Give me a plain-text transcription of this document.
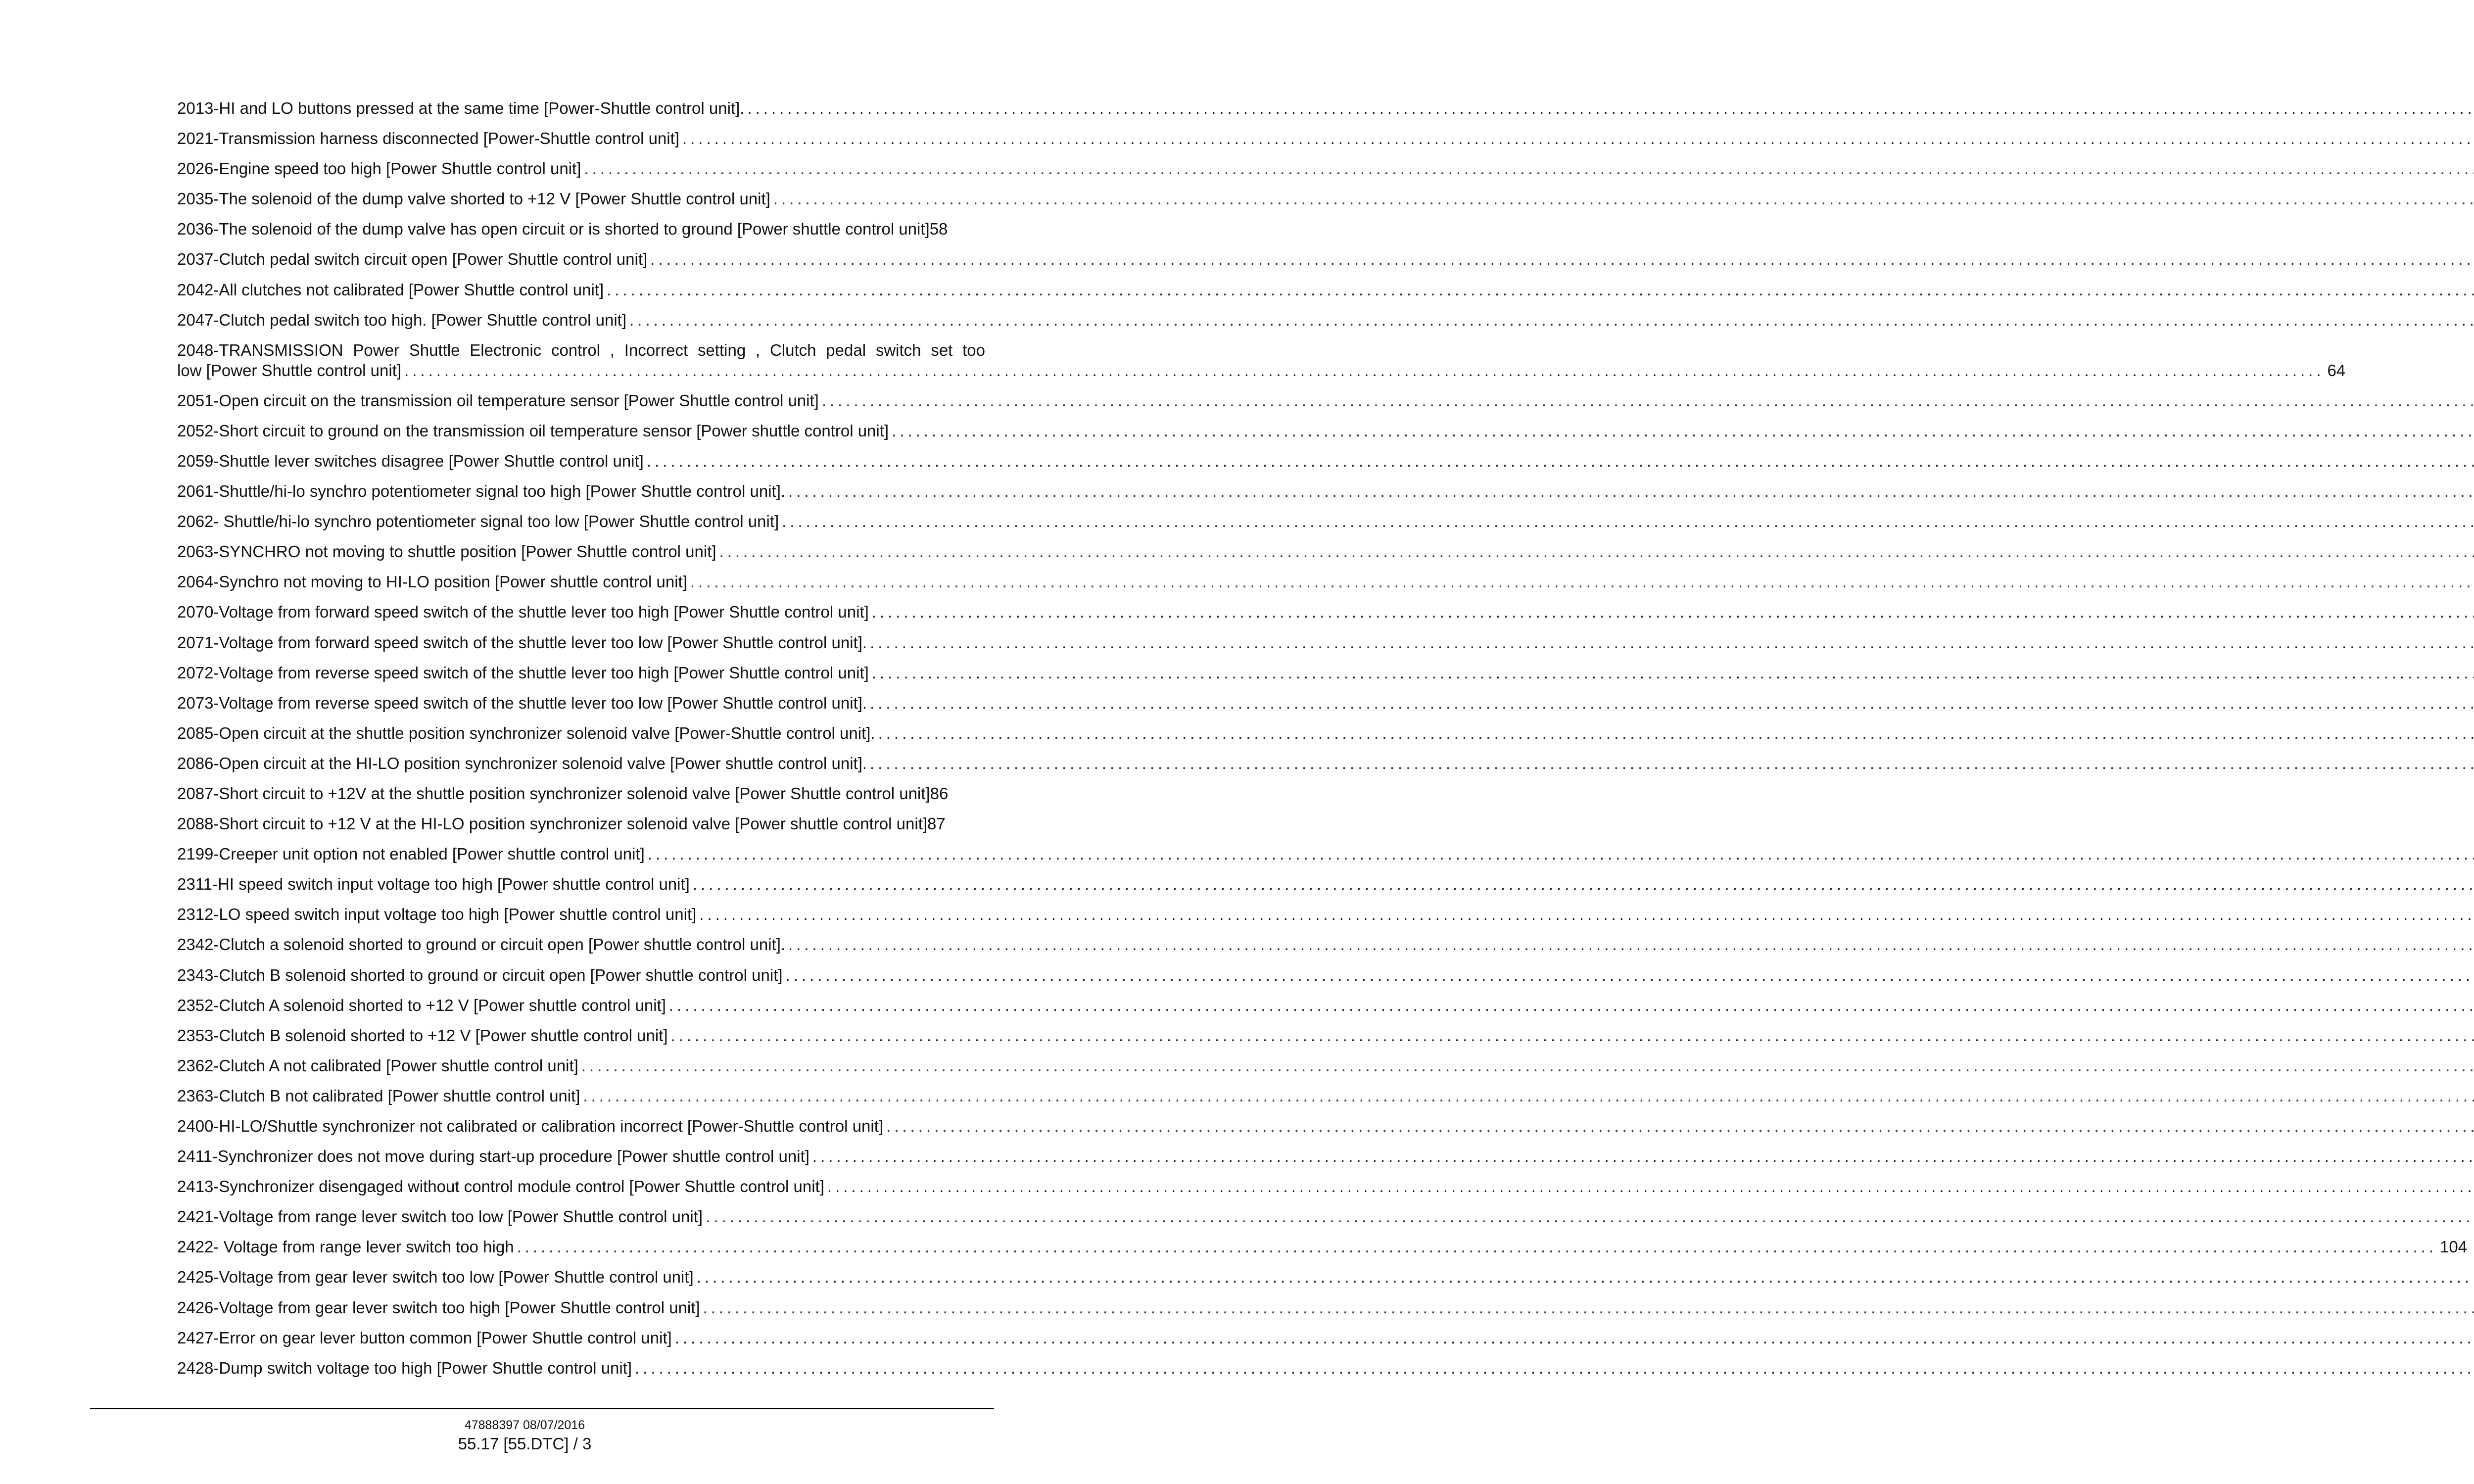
2013-HI and LO buttons pressed at the same time [Power-Shuttle control unit].
.....
2021-Transmission harness disconnected [Power-Shuttle control unit]
.....
2026-Engine speed too high [Power Shuttle control unit]
.....
2035-The solenoid of the dump valve shorted to +12 V [Power Shuttle control unit]
.....
2036-The solenoid of the dump valve has open circuit or is shorted to ground [Power shuttle control unit]58
2037-Clutch pedal switch circuit open [Power Shuttle control unit]
.....
2042-All clutches not calibrated [Power Shuttle control unit]
.....
2047-Clutch pedal switch too high. [Power Shuttle control unit]
.....
2048-TRANSMISSION Power Shuttle Electronic control , Incorrect setting , Clutch pedal switch set too
low [Power Shuttle control unit] .....	64
2051-Open circuit on the transmission oil temperature sensor [Power Shuttle control unit]
.....
2052-Short circuit to ground on the transmission oil temperature sensor [Power shuttle control unit]
.....
2059-Shuttle lever switches disagree [Power Shuttle control unit]
.....
2061-Shuttle/hi-lo synchro potentiometer signal too high [Power Shuttle control unit].
.....
2062- Shuttle/hi-lo synchro potentiometer signal too low [Power Shuttle control unit]
.....
2063-SYNCHRO not moving to shuttle position [Power Shuttle control unit]
.....
2064-Synchro not moving to HI-LO position [Power shuttle control unit]
.....
2070-Voltage from forward speed switch of the shuttle lever too high [Power Shuttle control unit]
.....
2071-Voltage from forward speed switch of the shuttle lever too low [Power Shuttle control unit].
.....
2072-Voltage from reverse speed switch of the shuttle lever too high [Power Shuttle control unit]
.....
2073-Voltage from reverse speed switch of the shuttle lever too low [Power Shuttle control unit].
.....
2085-Open circuit at the shuttle position synchronizer solenoid valve [Power-Shuttle control unit].
.....
2086-Open circuit at the HI-LO position synchronizer solenoid valve [Power shuttle control unit].
.....
2087-Short circuit to +12V at the shuttle position synchronizer solenoid valve [Power Shuttle control unit]86
2088-Short circuit to +12 V at the HI-LO position synchronizer solenoid valve [Power shuttle control unit]87
2199-Creeper unit option not enabled [Power shuttle control unit]
.....
2311-HI speed switch input voltage too high [Power shuttle control unit]
.....
2312-LO speed switch input voltage too high [Power shuttle control unit]
.....
2342-Clutch a solenoid shorted to ground or circuit open [Power shuttle control unit].
.....
2343-Clutch B solenoid shorted to ground or circuit open [Power shuttle control unit]
.....
2352-Clutch A solenoid shorted to +12 V [Power shuttle control unit]
.....
2353-Clutch B solenoid shorted to +12 V [Power shuttle control unit]
.....
2362-Clutch A not calibrated [Power shuttle control unit]
.....
2363-Clutch B not calibrated [Power shuttle control unit]
.....
2400-HI-LO/Shuttle synchronizer not calibrated or calibration incorrect [Power-Shuttle control unit]
.....
2411-Synchronizer does not move during start-up procedure [Power shuttle control unit]
.....
2413-Synchronizer disengaged without control module control [Power Shuttle control unit]
.....
2421-Voltage from range lever switch too low [Power Shuttle control unit]
.....
2422- Voltage from range lever switch too high .....	104
2425-Voltage from gear lever switch too low [Power Shuttle control unit]
.....
2426-Voltage from gear lever switch too high [Power Shuttle control unit]
.....
2427-Error on gear lever button common [Power Shuttle control unit]
.....
2428-Dump switch voltage too high [Power Shuttle control unit]
.....
47888397 08/07/2016
55.17 [55.DTC] / 3
